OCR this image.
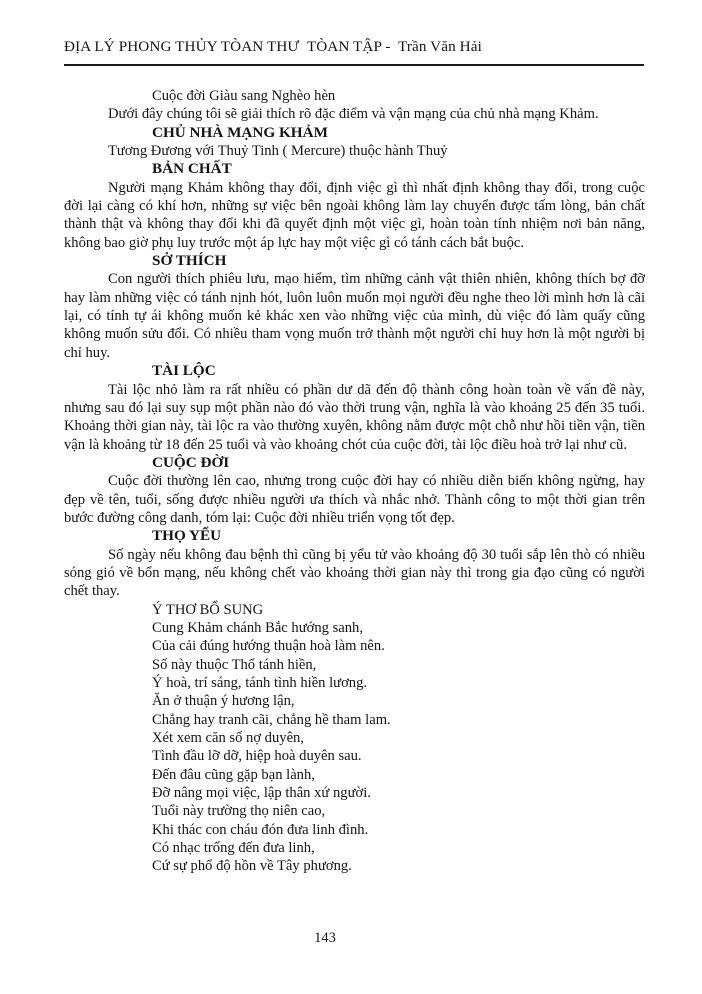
ĐỊA LÝ PHONG THỦY TÒAN THƯ  TÒAN TẬP -  Trần Văn Hải

Cuộc đời Giàu sang Nghèo hèn

Dưới đây chúng tôi sẽ giải thích rõ đặc điểm và vận mạng của chủ nhà mạng Khảm.

CHỦ NHÀ MẠNG KHẢM

Tương Đương với Thuỷ Tinh ( Mercure) thuộc hành Thuỷ

BẢN CHẤT

Người mạng Khảm không thay đổi, định việc gì thì nhất định không thay đổi, trong cuộc đời lại càng có khí hơn, những sự việc bên ngoài không làm lay chuyển được tấm lòng, bản chất thành thật và không thay đổi khi đã quyết định một việc gì, hoàn toàn tính nhiệm nơi bản năng, không bao giờ phụ luy trước một áp lực hay một việc gì có tánh cách bắt buộc.

SỞ THÍCH

Con người thích phiêu lưu, mạo hiểm, tìm những cảnh vật thiên nhiên, không thích bợ đỡ hay làm những việc có tánh nịnh hót, luôn luôn muốn mọi người đều nghe theo lời mình hơn là cãi lại, có tính tự ái không muốn kẻ khác xen vào những việc của mình, dù việc đó làm quấy cũng không muốn sửu đổi. Có nhiều tham vọng muốn trở thành một người chỉ huy hơn là một người bị chỉ huy.

TÀI LỘC

Tài lộc nhỏ làm ra rất nhiều có phần dư dã đến độ thành công hoàn toàn về vấn đề này, nhưng sau đó lại suy sụp một phần nào đó vào thời trung vận, nghĩa là vào khoảng 25 đến 35 tuổi. Khoảng thời gian này, tài lộc ra vào thường xuyên, không nằm được một chỗ như hồi tiền vận, tiền vận là khoảng từ 18 đến 25 tuổi và vào khoảng chót của cuộc đời, tài lộc điều hoà trở lại như cũ.

CUỘC ĐỜI

Cuộc đời thường lên cao, nhưng trong cuộc đời hay có nhiều diễn biến không ngừng, hay đẹp về tên, tuổi, sống được nhiều người ưa thích và nhắc nhở. Thành công to một thời gian trên bước đường công danh, tóm lại: Cuộc đời nhiều triển vọng tốt đẹp.

THỌ YỂU

Số ngày nếu không đau bệnh thì cũng bị yểu tử vào khoảng độ 30 tuổi sắp lên thò có nhiều sóng gió về bổn mạng, nếu không chết vào khoảng thời gian này thì trong gia đạo cũng có người chết thay.

Ý THƠ BỔ SUNG

Cung Khảm chánh Bắc hướng sanh,

Của cải đúng hướng thuận hoà làm nên.

Số này thuộc Thổ tánh hiền,

Ý hoà, trí sáng, tánh tình hiền lương.

Ăn ở thuận ý hương lận,

Chẳng hay tranh cãi, chẳng hề tham lam.

Xét xem căn số nợ duyên,

Tình đầu lỡ dỡ, hiệp hoà duyên sau.

Đến đâu cũng gặp bạn lành,

Đỡ nâng mọi việc, lập thân xứ người.

Tuổi này trường thọ niên cao,

Khi thác con cháu đón đưa linh đình.

Có nhạc trống đến đưa linh,

Cứ sự phổ độ hồn về Tây phương.

143
